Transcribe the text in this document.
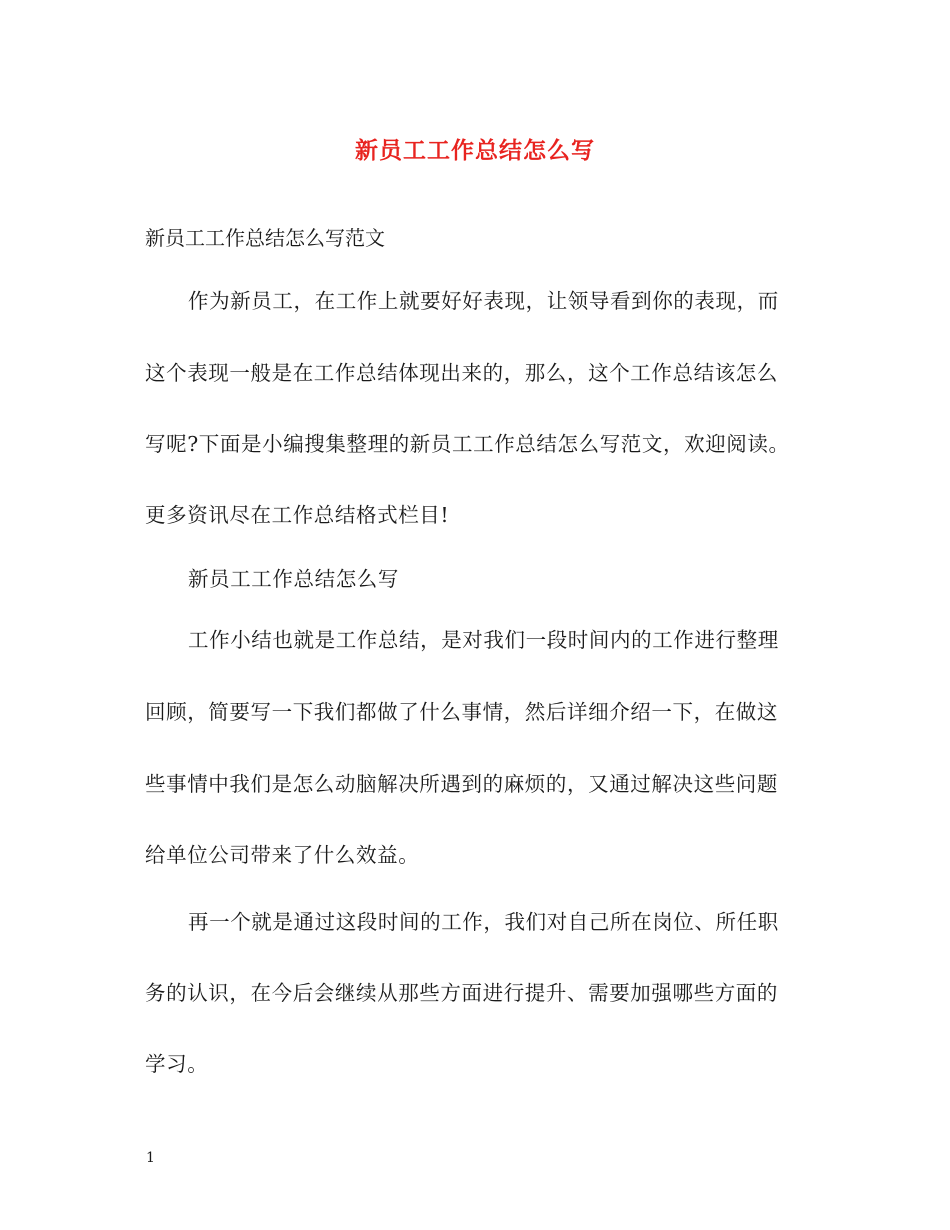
新员工工作总结怎么写

新员工工作总结怎么写范文

作为新员工，在工作上就要好好表现，让领导看到你的表现，而

这个表现一般是在工作总结体现出来的，那么，这个工作总结该怎么

写呢?下面是小编搜集整理的新员工工作总结怎么写范文，欢迎阅读。

更多资讯尽在工作总结格式栏目!

新员工工作总结怎么写

工作小结也就是工作总结，是对我们一段时间内的工作进行整理

回顾，简要写一下我们都做了什么事情，然后详细介绍一下，在做这

些事情中我们是怎么动脑解决所遇到的麻烦的，又通过解决这些问题

给单位公司带来了什么效益。

再一个就是通过这段时间的工作，我们对自己所在岗位、所任职

务的认识，在今后会继续从那些方面进行提升、需要加强哪些方面的

学习。

1
